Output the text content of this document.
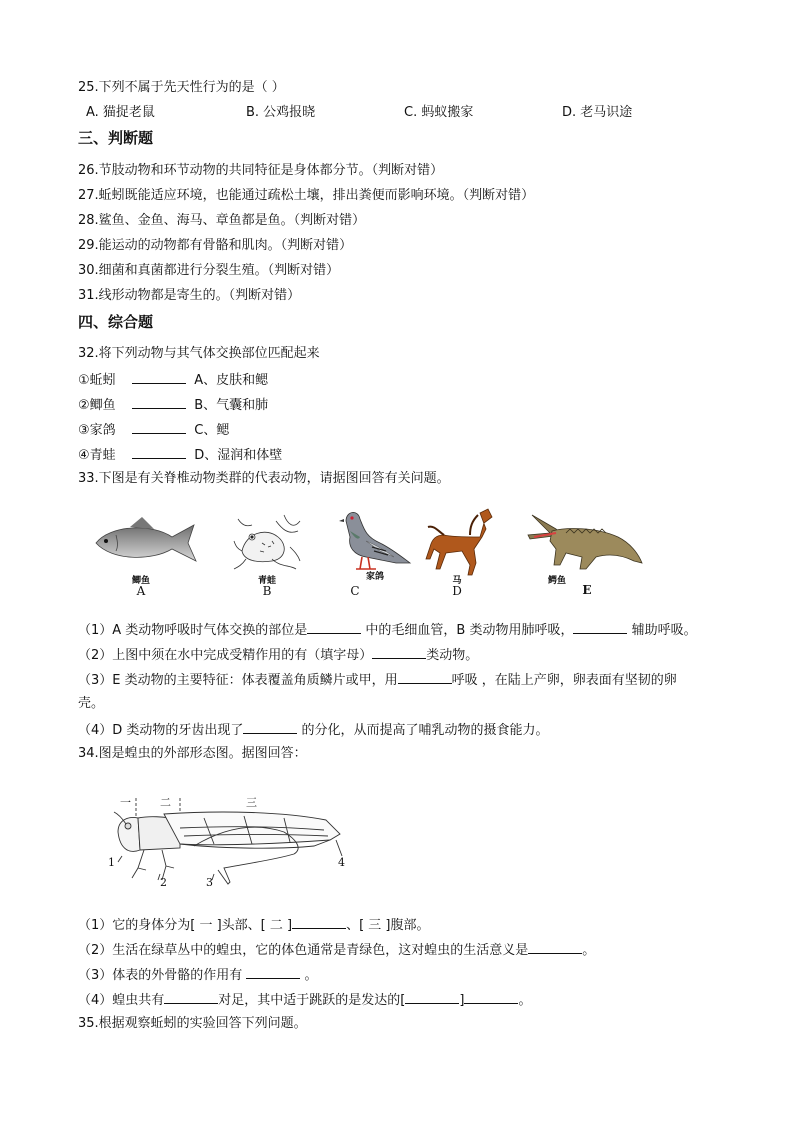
25.下列不属于先天性行为的是（ ）
A. 猫捉老鼠	B. 公鸡报晓	C. 蚂蚁搬家	D. 老马识途
三、判断题
26.节肢动物和环节动物的共同特征是身体都分节。（判断对错）
27.蚯蚓既能适应环境，也能通过疏松土壤，排出粪便而影响环境。（判断对错）
28.鲨鱼、金鱼、海马、章鱼都是鱼。（判断对错）
29.能运动的动物都有骨骼和肌肉。（判断对错）
30.细菌和真菌都进行分裂生殖。（判断对错）
31.线形动物都是寄生的。（判断对错）
四、综合题
32.将下列动物与其气体交换部位匹配起来
①蚯蚓	A、皮肤和鳃
②鲫鱼	B、气囊和肺
③家鸽	C、鳃
④青蛙	D、湿润和体壁
33.下图是有关脊椎动物类群的代表动物，请据图回答有关问题。
鲫鱼
A
青蛙
B
家鸽
C
马
D
鳄鱼
E
（1）A 类动物呼吸时气体交换的部位是	中的毛细血管，B 类动物用肺呼吸，	辅助呼吸。
（2）上图中须在水中完成受精作用的有（填字母）	类动物。
（3）E 类动物的主要特征：体表覆盖角质鳞片或甲，用	呼吸 ，在陆上产卵，卵表面有坚韧的卵
壳。
（4）D 类动物的牙齿出现了	的分化，从而提高了哺乳动物的摄食能力。
34.图是蝗虫的外部形态图。据图回答：
一	二	三
1
2	3
4
（1）它的身体分为[ 一 ]头部、[ 二 ]	、[ 三 ]腹部。
（2）生活在绿草丛中的蝗虫，它的体色通常是青绿色，这对蝗虫的生活意义是	。
（3）体表的外骨骼的作用有	。
（4）蝗虫共有	对足，其中适于跳跃的是发达的[	]	。
35.根据观察蚯蚓的实验回答下列问题。
